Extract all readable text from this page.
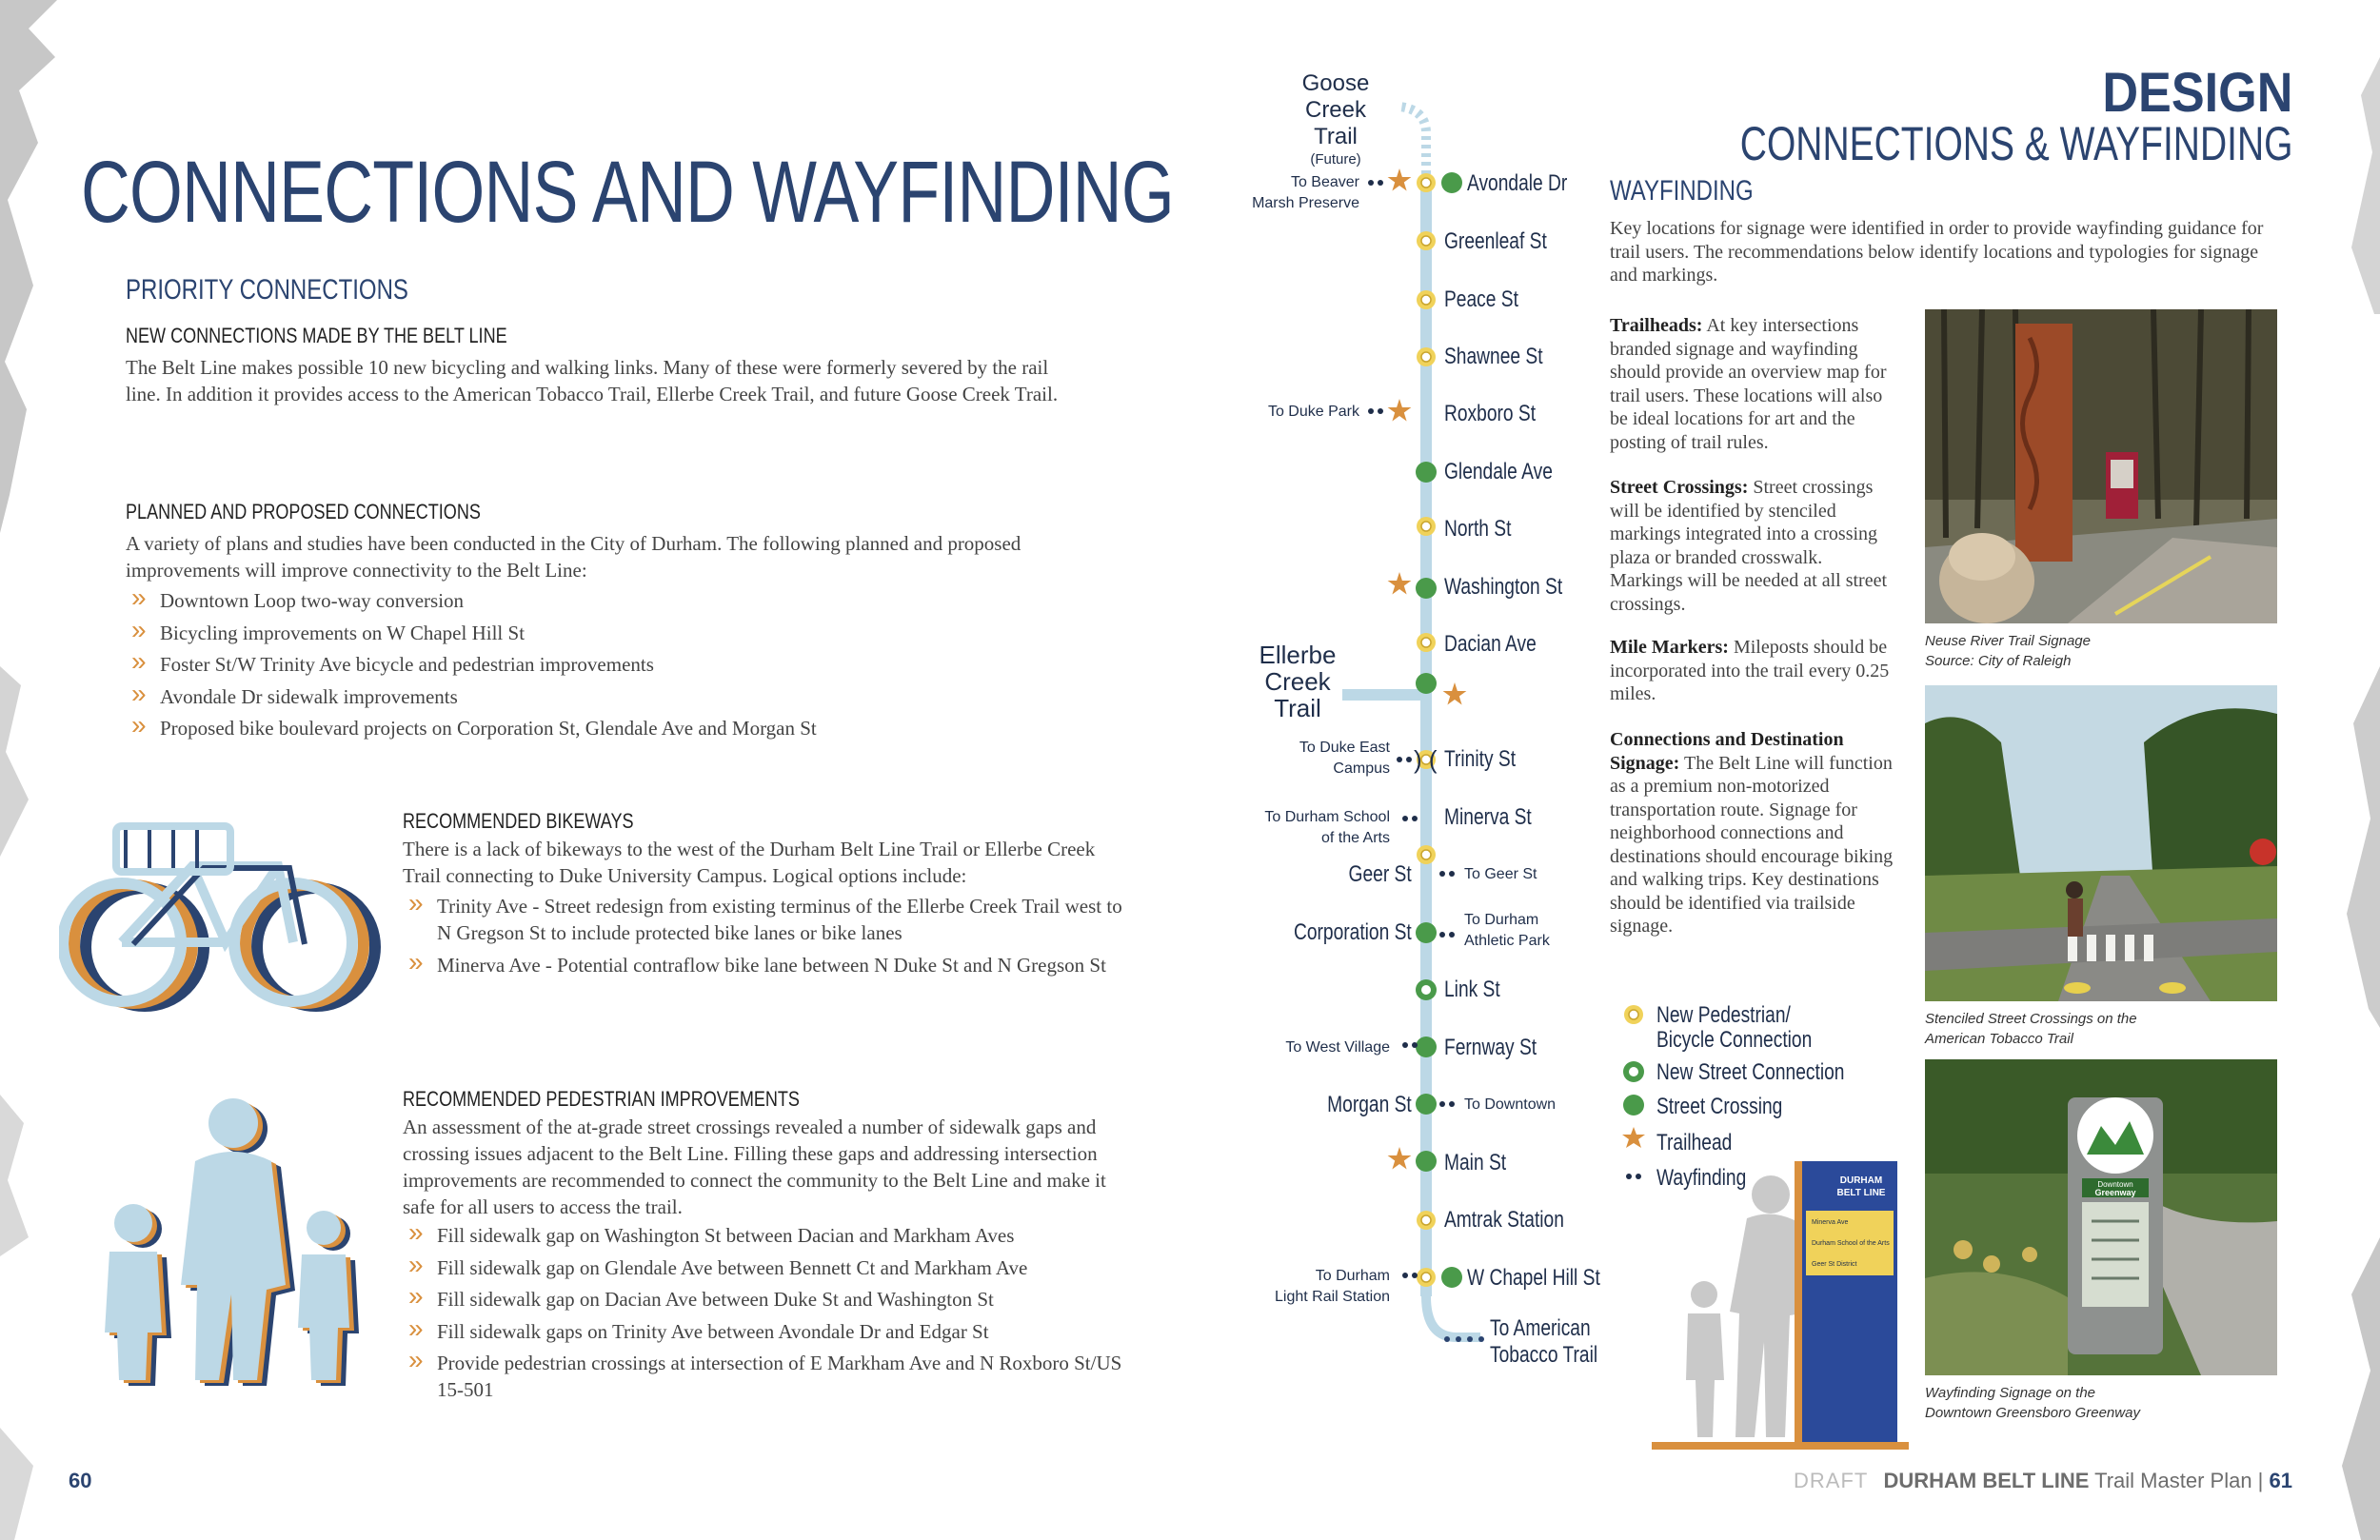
CONNECTIONS AND WAYFINDING
PRIORITY CONNECTIONS
NEW CONNECTIONS MADE BY THE BELT LINE
The Belt Line makes possible 10 new bicycling and walking links. Many of these were formerly severed by the rail line. In addition it provides access to the American Tobacco Trail, Ellerbe Creek Trail, and future Goose Creek Trail.
PLANNED AND PROPOSED CONNECTIONS
A variety of plans and studies have been conducted in the City of Durham. The following planned and proposed improvements will improve connectivity to the Belt Line:
» Downtown Loop two-way conversion
» Bicycling improvements on W Chapel Hill St
» Foster St/W Trinity Ave bicycle and pedestrian improvements
» Avondale Dr sidewalk improvements
» Proposed bike boulevard projects on Corporation St, Glendale Ave and Morgan St
RECOMMENDED BIKEWAYS
There is a lack of bikeways to the west of the Durham Belt Line Trail or Ellerbe Creek Trail connecting to Duke University Campus. Logical options include:
» Trinity Ave - Street redesign from existing terminus of the Ellerbe Creek Trail west to N Gregson St to include protected bike lanes or bike lanes
» Minerva Ave - Potential contraflow bike lane between N Duke St and N Gregson St
RECOMMENDED PEDESTRIAN IMPROVEMENTS
An assessment of the at-grade street crossings revealed a number of sidewalk gaps and crossing issues adjacent to the Belt Line. Filling these gaps and addressing intersection improvements are recommended to connect the community to the Belt Line and make it safe for all users to access the trail.
» Fill sidewalk gap on Washington St between Dacian and Markham Aves
» Fill sidewalk gap on Glendale Ave between Bennett Ct and Markham Ave
» Fill sidewalk gap on Dacian Ave between Duke St and Washington St
» Fill sidewalk gaps on Trinity Ave between Avondale Dr and Edgar St
» Provide pedestrian crossings at intersection of E Markham Ave and N Roxboro St/US 15-501
60
) (
Goose Creek
Trail
(Future)
To Beaver
Marsh Preserve
To Duke Park
To Duke East
Campus
To Durham School
of the Arts
To Geer St
To Durham
Athletic Park
To West Village
To Downtown
To Durham
Light Rail Station
Ellerbe
Creek
Trail
Avondale Dr
Greenleaf St
Peace St
Shawnee St
Roxboro St
Glendale Ave
North St
Washington St
Dacian Ave
Trinity St
Minerva St
Geer St
Corporation St
Link St
Fernway St
Morgan St
Main St
Amtrak Station
W Chapel Hill St
To American
Tobacco Trail
DESIGN
CONNECTIONS & WAYFINDING
WAYFINDING
Key locations for signage were identified in order to provide wayfinding guidance for trail users. The recommendations below identify locations and typologies for signage and markings.
Trailheads: At key intersections branded signage and wayfinding should provide an overview map for trail users. These locations will also be ideal locations for art and the posting of trail rules.
Street Crossings: Street crossings will be identified by stenciled markings integrated into a crossing plaza or branded crosswalk. Markings will be needed at all street crossings.
Mile Markers: Mileposts should be incorporated into the trail every 0.25 miles.
Connections and Destination Signage: The Belt Line will function as a premium non-motorized transportation route. Signage for neighborhood connections and destinations should encourage biking and walking trips. Key destinations should be identified via trailside signage.
Neuse River Trail Signage
Source: City of Raleigh
Stenciled Street Crossings on the
American Tobacco Trail
Downtown
Greenway
Wayfinding Signage on the
Downtown Greensboro Greenway
New Pedestrian/
Bicycle Connection
New Street Connection
Street Crossing
Trailhead
Wayfinding	DURHAM
BELT LINE
Minerva Ave
Durham School of the Arts
Geer St District
DRAFT DURHAM BELT LINE Trail Master Plan | 61
